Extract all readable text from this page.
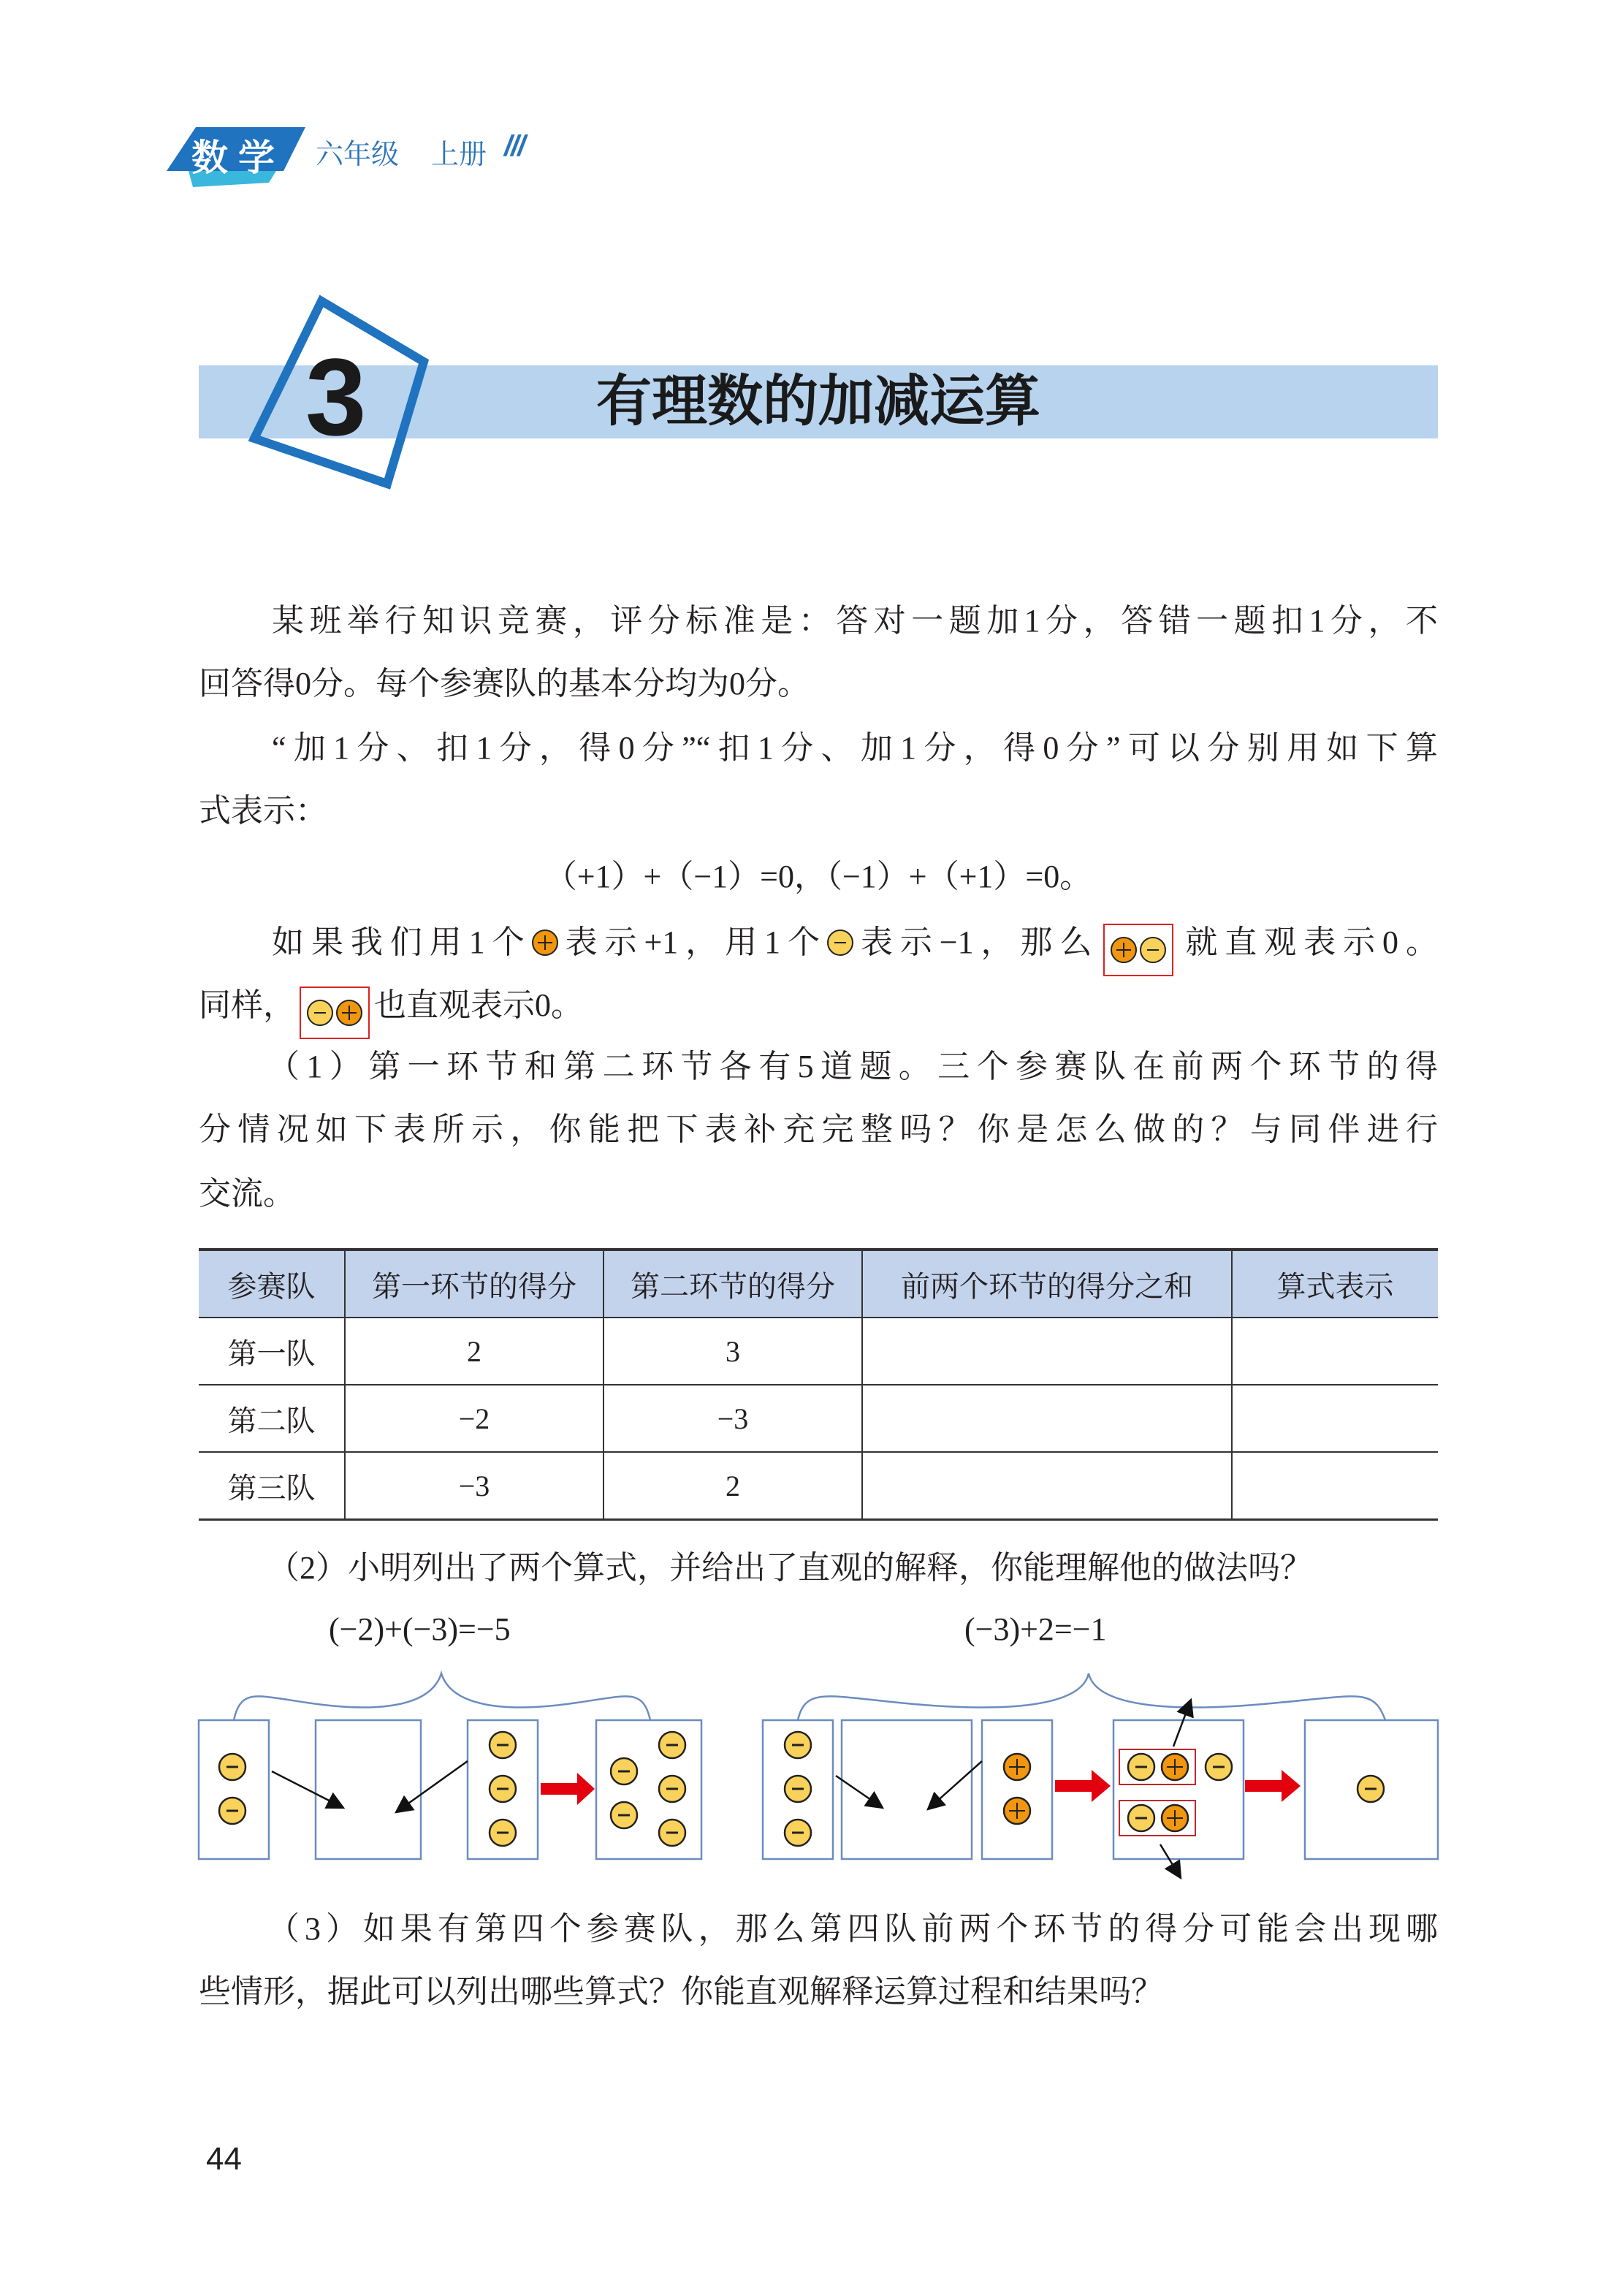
数学 六年级 上册 ///
3	有理数的加减运算
某班举行知识竞赛，评分标准是：答对一题加1分，答错一题扣1分，不
回答得0分。每个参赛队的基本分均为0分。
“加1分、扣1分，得0分”“扣1分、加1分，得0分”可以分别用如下算
式表示：
（+1）+（−1）=0，（−1）+（+1）=0。
如果我们用1个 表示+1，用1个 表示−1，那么 就直观表示0。
同样， 也直观表示0。
（1）第一环节和第二环节各有5道题。三个参赛队在前两个环节的得
分情况如下表所示，你能把下表补充完整吗？你是怎么做的？与同伴进行
交流。
参赛队	第一环节的得分	第二环节的得分	前两个环节的得分之和	算式表示
第一队	2	3		
第二队	−2	−3		
第三队	−3	2		
（2）小明列出了两个算式，并给出了直观的解释，你能理解他的做法吗？
(−2)+(−3)=−5	(−3)+2=−1
（3）如果有第四个参赛队，那么第四队前两个环节的得分可能会出现哪
些情形，据此可以列出哪些算式？你能直观解释运算过程和结果吗？
44
